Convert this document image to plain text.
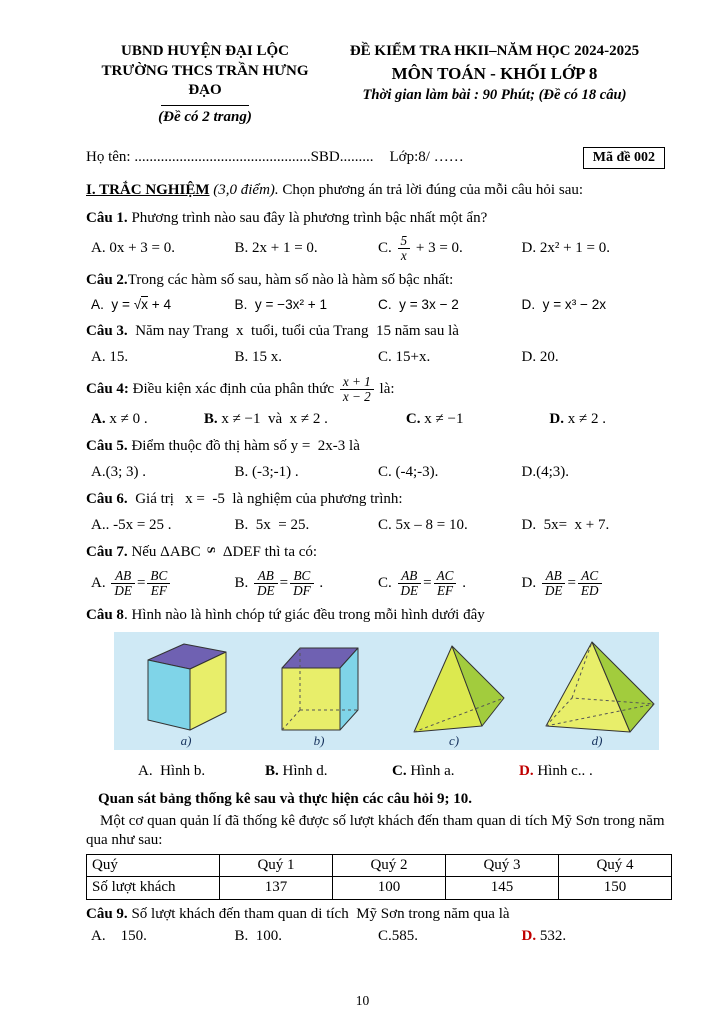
UBND HUYỆN ĐẠI LỘC
TRƯỜNG THCS TRẦN HƯNG
ĐẠO
(Đề có 2 trang)
ĐỀ KIỂM TRA HKII–NĂM HỌC 2024-2025
MÔN TOÁN - KHỐI LỚP 8
Thời gian làm bài : 90 Phút; (Đề có 18 câu)
Họ tên: ...............................................SBD......... Lớp:8/ ……	Mã đề 002
I. TRẮC NGHIỆM (3,0 điểm). Chọn phương án trả lời đúng của mỗi câu hỏi sau:
Câu 1. Phương trình nào sau đây là phương trình bậc nhất một ẩn?
A. 0x + 3 = 0.	B. 2x + 1 = 0.	C. $\frac{5}{x} + 3 = 0$.	D. 2x² + 1 = 0.
Câu 2.Trong các hàm số sau, hàm số nào là hàm số bậc nhất:
A.  y = √x + 4	B.  y = −3x² + 1	C.  y = 3x − 2	D.  y = x³ − 2x
Câu 3.  Năm nay Trang  x  tuổi, tuổi của Trang  15 năm sau là
A. 15.	B. 15 x.	C. 15+x.	D. 20.
Câu 4: Điều kiện xác định của phân thức $\frac{x + 1}{x - 2}$ là:
A. x ≠ 0 .	B. x ≠ −1  và  x ≠ 2 .	C. x ≠ −1	D. x ≠ 2 .
Câu 5. Điểm thuộc đồ thị hàm số y =  2x-3 là
A.(3; 3) .	B. (-3;-1) .	C. (-4;-3).	D.(4;3).
Câu 6.  Giá trị   x =  -5  là nghiệm của phương trình:
A.. -5x = 25 .	B.  5x  = 25.	C. 5x – 8 = 10.	D.  5x=  x + 7.
Câu 7. Nếu ΔABC S ΔDEF thì ta có:
A. $\frac{AB}{DE} = \frac{BC}{EF}$	B. $\frac{AB}{DE} = \frac{BC}{DF}$ .	C. $\frac{AB}{DE} = \frac{AC}{EF}$ .	D. $\frac{AB}{DE} = \frac{AC}{ED}$
Câu 8. Hình nào là hình chóp tứ giác đều trong mỗi hình dưới đây
a)	b)	c)	d)
A.  Hình b.	B. Hình d.	C. Hình a.	D. Hình c.. .
Quan sát bảng thống kê sau và thực hiện các câu hỏi 9; 10.
Một cơ quan quản lí đã thống kê được số lượt khách đến tham quan di tích Mỹ Sơn trong năm qua như sau:
Quý	Quý 1	Quý 2	Quý 3	Quý 4
Số lượt khách	137	100	145	150
Câu 9. Số lượt khách đến tham quan di tích  Mỹ Sơn trong năm qua là
A.    150.	B.  100.	C.585.	D. 532.
10
